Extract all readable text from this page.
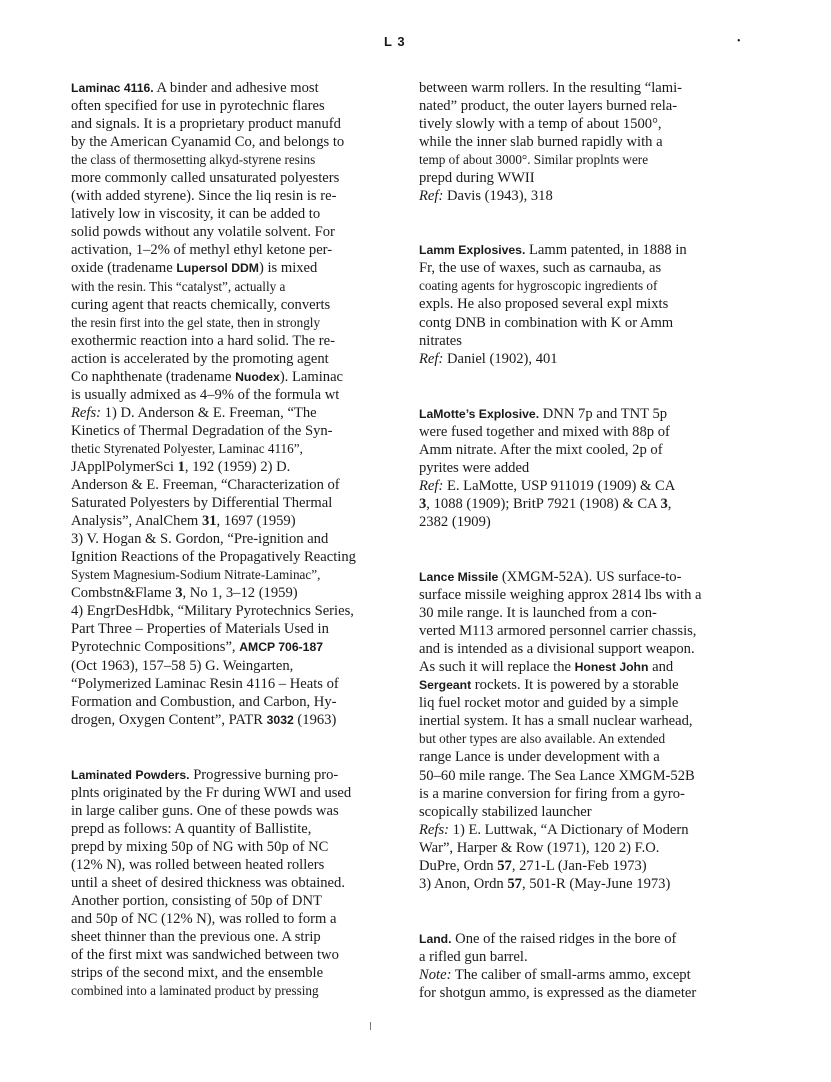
L 3	•
Laminac 4116. A binder and adhesive most
often specified for use in pyrotechnic flares
and signals. It is a proprietary product manufd
by the American Cyanamid Co, and belongs to
the class of thermosetting alkyd-styrene resins
more commonly called unsaturated polyesters
(with added styrene). Since the liq resin is re-
latively low in viscosity, it can be added to
solid powds without any volatile solvent. For
activation, 1–2% of methyl ethyl ketone per-
oxide (tradename Lupersol DDM) is mixed
with the resin. This “catalyst”, actually a
curing agent that reacts chemically, converts
the resin first into the gel state, then in strongly
exothermic reaction into a hard solid. The re-
action is accelerated by the promoting agent
Co naphthenate (tradename Nuodex). Laminac
is usually admixed as 4–9% of the formula wt
Refs: 1) D. Anderson & E. Freeman, “The
Kinetics of Thermal Degradation of the Syn-
thetic Styrenated Polyester, Laminac 4116”,
JApplPolymerSci 1, 192 (1959) 2) D.
Anderson & E. Freeman, “Characterization of
Saturated Polyesters by Differential Thermal
Analysis”, AnalChem 31, 1697 (1959)
3) V. Hogan & S. Gordon, “Pre-ignition and
Ignition Reactions of the Propagatively Reacting
System Magnesium-Sodium Nitrate-Laminac”,
Combstn&Flame 3, No 1, 3–12 (1959)
4) EngrDesHdbk, “Military Pyrotechnics Series,
Part Three – Properties of Materials Used in
Pyrotechnic Compositions”, AMCP 706-187
(Oct 1963), 157–58 5) G. Weingarten,
“Polymerized Laminac Resin 4116 – Heats of
Formation and Combustion, and Carbon, Hy-
drogen, Oxygen Content”, PATR 3032 (1963)
Laminated Powders. Progressive burning pro-
plnts originated by the Fr during WWI and used
in large caliber guns. One of these powds was
prepd as follows: A quantity of Ballistite,
prepd by mixing 50p of NG with 50p of NC
(12% N), was rolled between heated rollers
until a sheet of desired thickness was obtained.
Another portion, consisting of 50p of DNT
and 50p of NC (12% N), was rolled to form a
sheet thinner than the previous one. A strip
of the first mixt was sandwiched between two
strips of the second mixt, and the ensemble
combined into a laminated product by pressing
between warm rollers. In the resulting “lami-
nated” product, the outer layers burned rela-
tively slowly with a temp of about 1500°,
while the inner slab burned rapidly with a
temp of about 3000°. Similar proplnts were
prepd during WWII
Ref: Davis (1943), 318
Lamm Explosives. Lamm patented, in 1888 in
Fr, the use of waxes, such as carnauba, as
coating agents for hygroscopic ingredients of
expls. He also proposed several expl mixts
contg DNB in combination with K or Amm
nitrates
Ref: Daniel (1902), 401
LaMotte’s Explosive. DNN 7p and TNT 5p
were fused together and mixed with 88p of
Amm nitrate. After the mixt cooled, 2p of
pyrites were added
Ref: E. LaMotte, USP 911019 (1909) & CA
3, 1088 (1909); BritP 7921 (1908) & CA 3,
2382 (1909)
Lance Missile (XMGM-52A). US surface-to-
surface missile weighing approx 2814 lbs with a
30 mile range. It is launched from a con-
verted M113 armored personnel carrier chassis,
and is intended as a divisional support weapon.
As such it will replace the Honest John and
Sergeant rockets. It is powered by a storable
liq fuel rocket motor and guided by a simple
inertial system. It has a small nuclear warhead,
but other types are also available. An extended
range Lance is under development with a
50–60 mile range. The Sea Lance XMGM-52B
is a marine conversion for firing from a gyro-
scopically stabilized launcher
Refs: 1) E. Luttwak, “A Dictionary of Modern
War”, Harper & Row (1971), 120 2) F.O.
DuPre, Ordn 57, 271-L (Jan-Feb 1973)
3) Anon, Ordn 57, 501-R (May-June 1973)
Land. One of the raised ridges in the bore of
a rifled gun barrel.
Note: The caliber of small-arms ammo, except
for shotgun ammo, is expressed as the diameter
